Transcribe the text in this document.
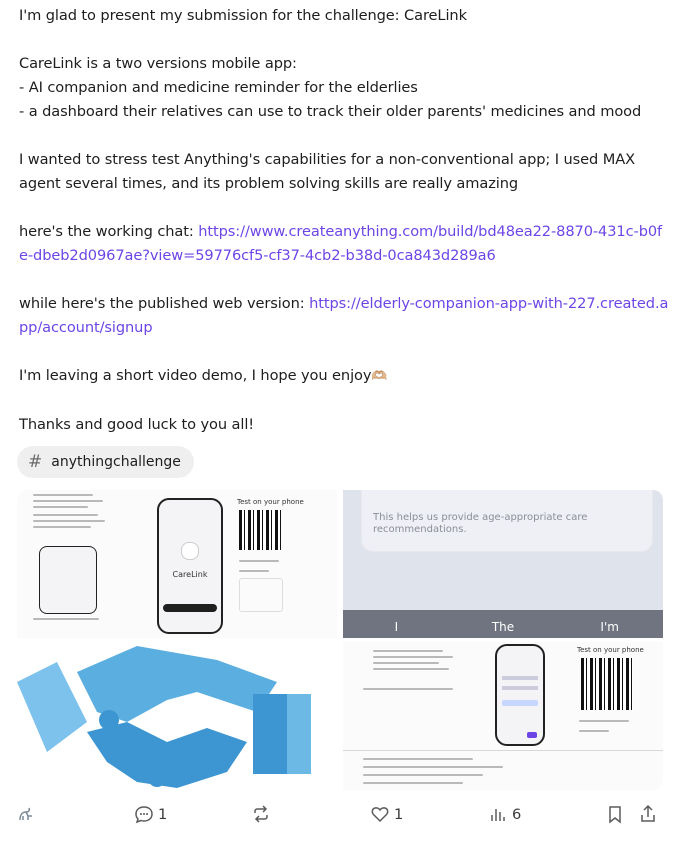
I'm glad to present my submission for the challenge: CareLink

CareLink is a two versions mobile app:

- AI companion and medicine reminder for the elderlies

- a dashboard their relatives can use to track their older parents' medicines and mood

I wanted to stress test Anything's capabilities for a non-conventional app; I used MAX agent several times, and its problem solving skills are really amazing

here's the working chat: https://www.createanything.com/build/bd48ea22-8870-431c-b0fe-dbeb2d0967ae?view=59776cf5-cf37-4cb2-b38d-0ca843d289a6

while here's the published web version: https://elderly-companion-app-with-227.created.app/account/signup

I'm leaving a short video demo, I hope you enjoy🫶🏼

Thanks and good luck to you all!

# anythingchallenge
CareLink
Test on your phone
This helps us provide age-appropriate care recommendations.
I	The	I'm
Test on your phone
1	1	6
